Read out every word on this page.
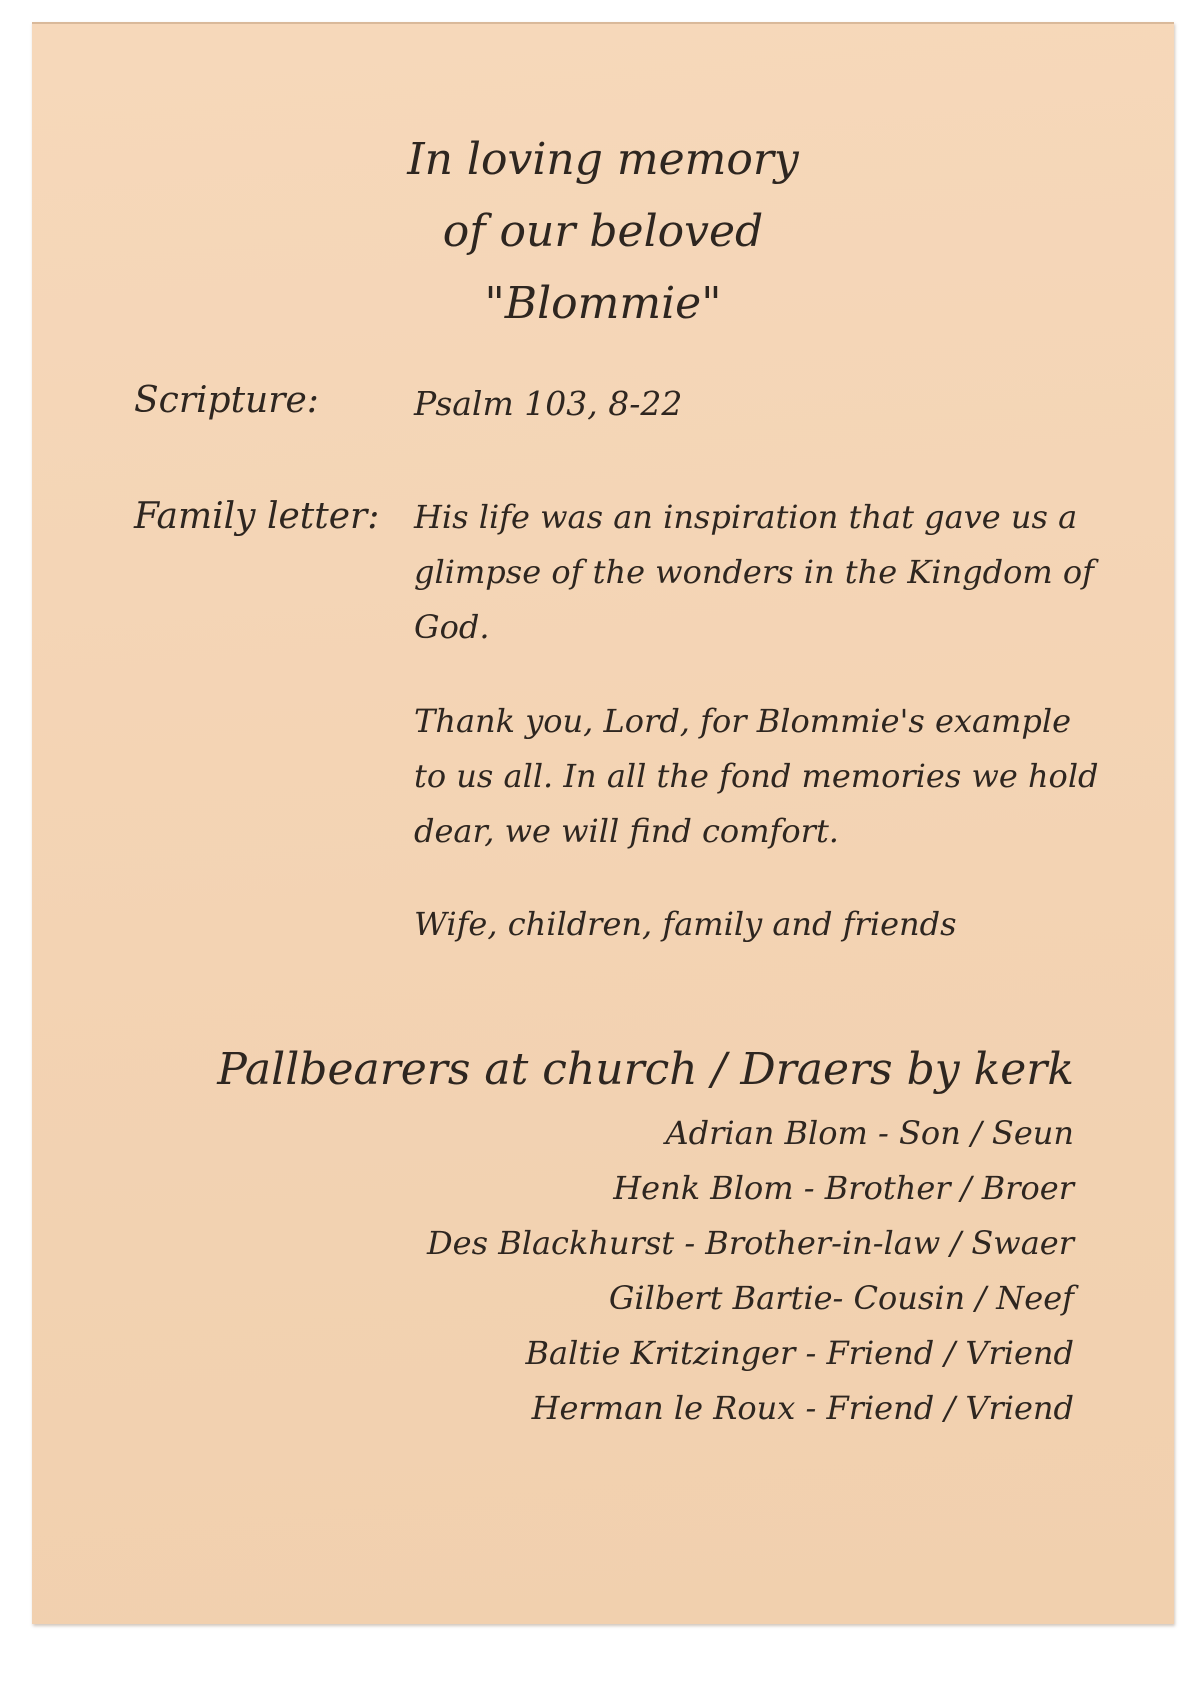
In loving memory
of our beloved
"Blommie"
Scripture:	Psalm 103, 8-22
Family letter: His life was an inspiration that gave us a
glimpse of the wonders in the Kingdom of
God.
Thank you, Lord, for Blommie's example
to us all. In all the fond memories we hold
dear, we will find comfort.
Wife, children, family and friends
Pallbearers at church / Draers by kerk
Adrian Blom - Son / Seun
Henk Blom - Brother / Broer
Des Blackhurst - Brother-in-law / Swaer
Gilbert Bartie- Cousin / Neef
Baltie Kritzinger - Friend / Vriend
Herman le Roux - Friend / Vriend
